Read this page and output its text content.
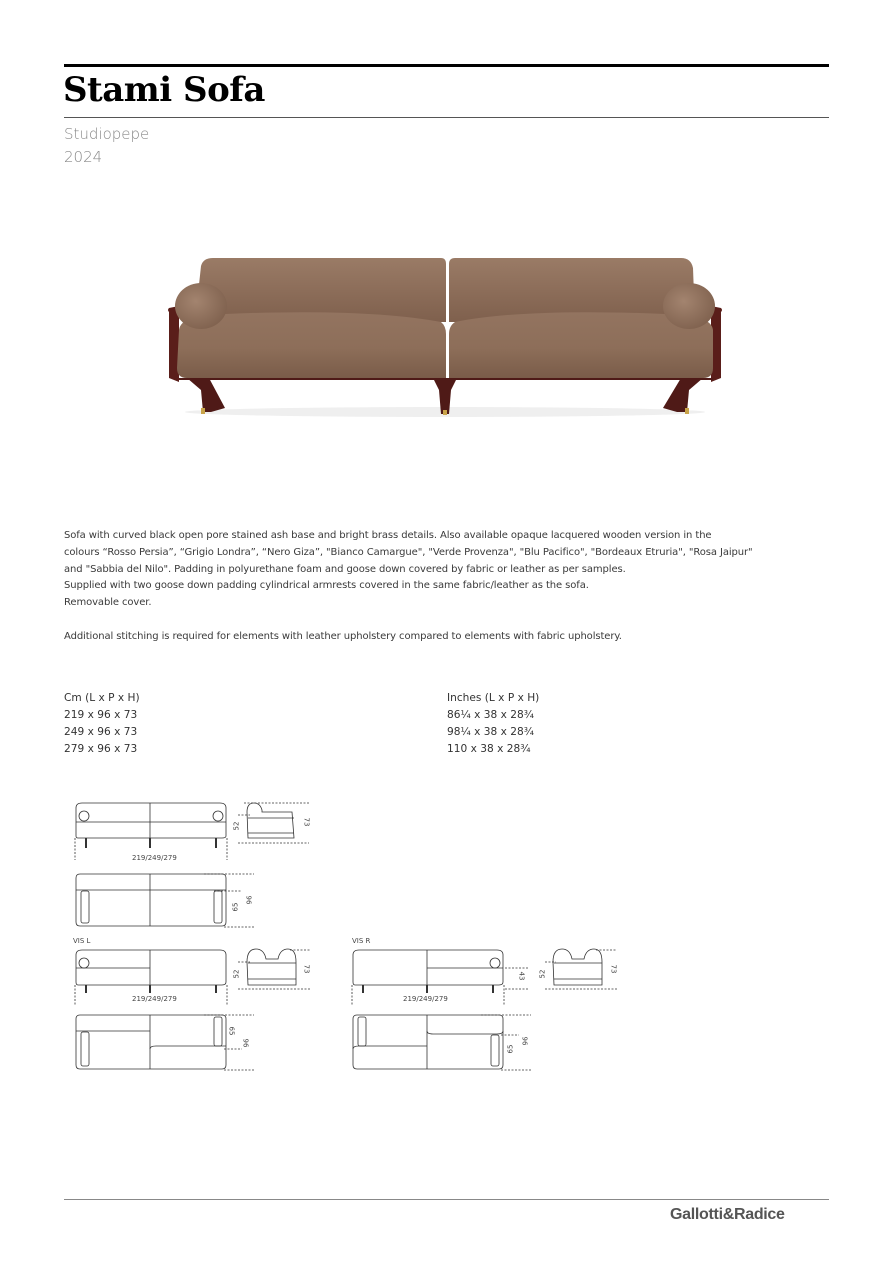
Stami Sofa
Studiopepe
2024

Sofa with curved black open pore stained ash base and bright brass details. Also available opaque lacquered wooden version in the

colours “Rosso Persia”, “Grigio Londra”, “Nero Giza”, "Bianco Camargue", "Verde Provenza", "Blu Pacifico", "Bordeaux Etruria", "Rosa Jaipur"

and "Sabbia del Nilo". Padding in polyurethane foam and goose down covered by fabric or leather as per samples.

Supplied with two goose down padding cylindrical armrests covered in the same fabric/leather as the sofa.

Removable cover.

Additional stitching is required for elements with leather upholstery compared to elements with fabric upholstery.

Cm (L x P x H)
219 x 96 x 73
249 x 96 x 73
279 x 96 x 73
Inches (L x P x H)
86¼ x 38 x 28¾
98¼ x 38 x 28¾
110 x 38 x 28¾
219/249/279
52	73
65
96
VIS L
219/249/279
52
73
65
96
VIS R
219/249/279
43 52
73
65
96
Gallotti&Radice
